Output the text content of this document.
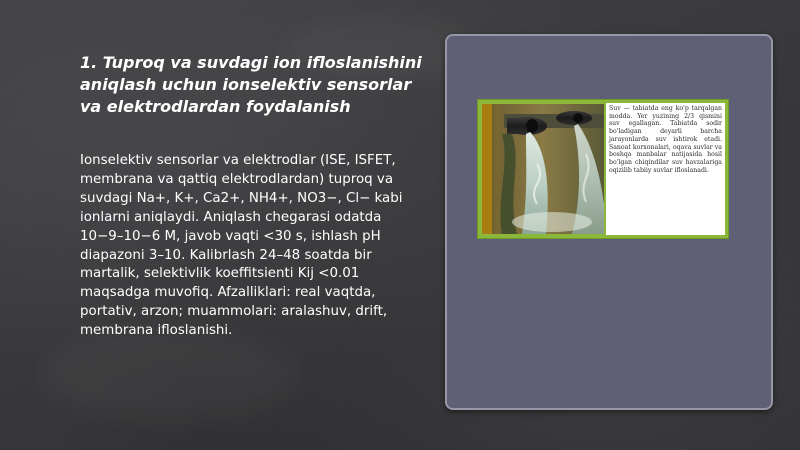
1. Tuproq va suvdagi ion ifloslanishini aniqlash uchun ionselektiv sensorlar va elektrodlardan foydalanish

Ionselektiv sensorlar va elektrodlar (ISE, ISFET, membrana va qattiq elektrodlardan) tuproq va suvdagi Na+, K+, Ca2+, NH4+, NO3−, Cl− kabi ionlarni aniqlaydi. Aniqlash chegarasi odatda 10−9–10−6 M, javob vaqti <30 s, ishlash pH diapazoni 3–10. Kalibrlash 24–48 soatda bir martalik, selektivlik koeffitsienti Kij <0.01 maqsadga muvofiq. Afzalliklari: real vaqtda, portativ, arzon; muammolari: aralashuv, drift, membrana ifloslanishi.

Suv — tabiatda eng ko'p tarqalgan modda. Yer yuzining 2/3 qismini suv egallagan. Tabiatda sodir bo'ladigan deyarli barcha jarayonlarda suv ishtirok etadi. Sanoat korxonalari, oqava suvlar va boshqa manbalar natijasida hosil bo'lgan chiqindilar suv havzalariga oqizilib tabiiy suvlar ifloslanadi.
